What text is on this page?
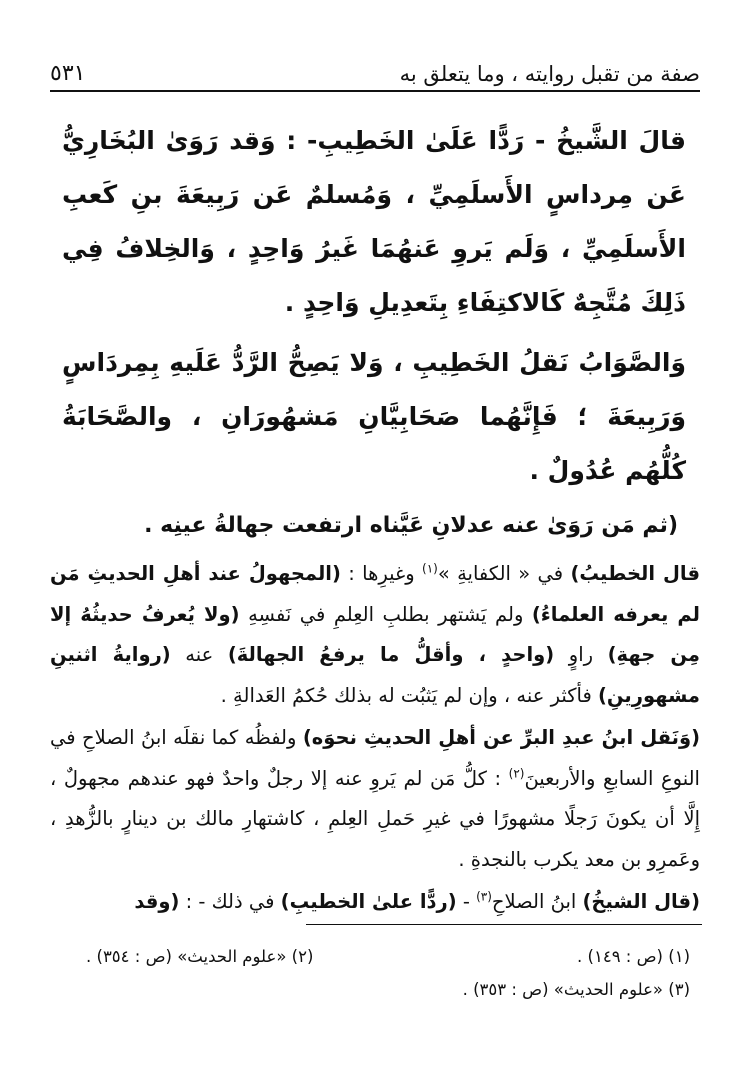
صفة من تقبل روايته ، وما يتعلق به
٥٣١

قالَ الشَّيخُ - رَدًّا عَلَىٰ الخَطِيبِ- : وَقد رَوَىٰ البُخَارِيُّ عَن مِرداسٍ الأَسلَمِيِّ ، وَمُسلمٌ عَن رَبِيعَةَ بنِ كَعبِ الأَسلَمِيِّ ، وَلَم يَروِ عَنهُمَا غَيرُ وَاحِدٍ ، وَالخِلافُ فِي ذَلِكَ مُتَّجِهٌ كَالاكتِفَاءِ بِتَعدِيلِ وَاحِدٍ .

وَالصَّوَابُ نَقلُ الخَطِيبِ ، وَلا يَصِحُّ الرَّدُّ عَلَيهِ بِمِردَاسٍ وَرَبِيعَةَ ؛ فَإِنَّهُما صَحَابِيَّانِ مَشهُورَانِ ، والصَّحَابَةُ كُلُّهُم عُدُولٌ .

(ثم مَن رَوَىٰ عنه عدلانِ عَيَّناه ارتفعت جهالةُ عينِه .

قال الخطيبُ) في « الكفايةِ »$^{(١)}$ وغيرِها : (المجهولُ عند أهلِ الحديثِ مَن لم يعرفه العلماءُ) ولم يَشتهر بطلبِ العِلمِ في نَفسِهِ (ولا يُعرفُ حديثُهُ إلا مِن جهةِ) راوٍ (واحدٍ ، وأقلُّ ما يرفعُ الجهالةَ) عنه (روايةُ اثنينِ مشهورِينِ) فأكثر عنه ، وإن لم يَثبُت له بذلك حُكمُ العَدالةِ .

(وَنَقل ابنُ عبدِ البرِّ عن أهلِ الحديثِ نحوَه) ولفظُه كما نقلَه ابنُ الصلاحِ في النوعِ السابعِ والأربعينَ$^{(٢)}$ : كلُّ مَن لم يَروِ عنه إلا رجلٌ واحدٌ فهو عندهم مجهولٌ ، إِلَّا أن يكونَ رَجلًا مشهورًا في غيرِ حَملِ العِلمِ ، كاشتهارِ مالك بن دينارٍ بالزُّهدِ ، وعَمرِو بن معد يكرب بالنجدةِ .

(قال الشيخُ) ابنُ الصلاحِ$^{(٣)}$ - (ردًّا علىٰ الخطيبِ) في ذلك - : (وقد

(١) (ص : ١٤٩) .
(٢) «علوم الحديث» (ص : ٣٥٤) .
(٣) «علوم الحديث» (ص : ٣٥٣) .
